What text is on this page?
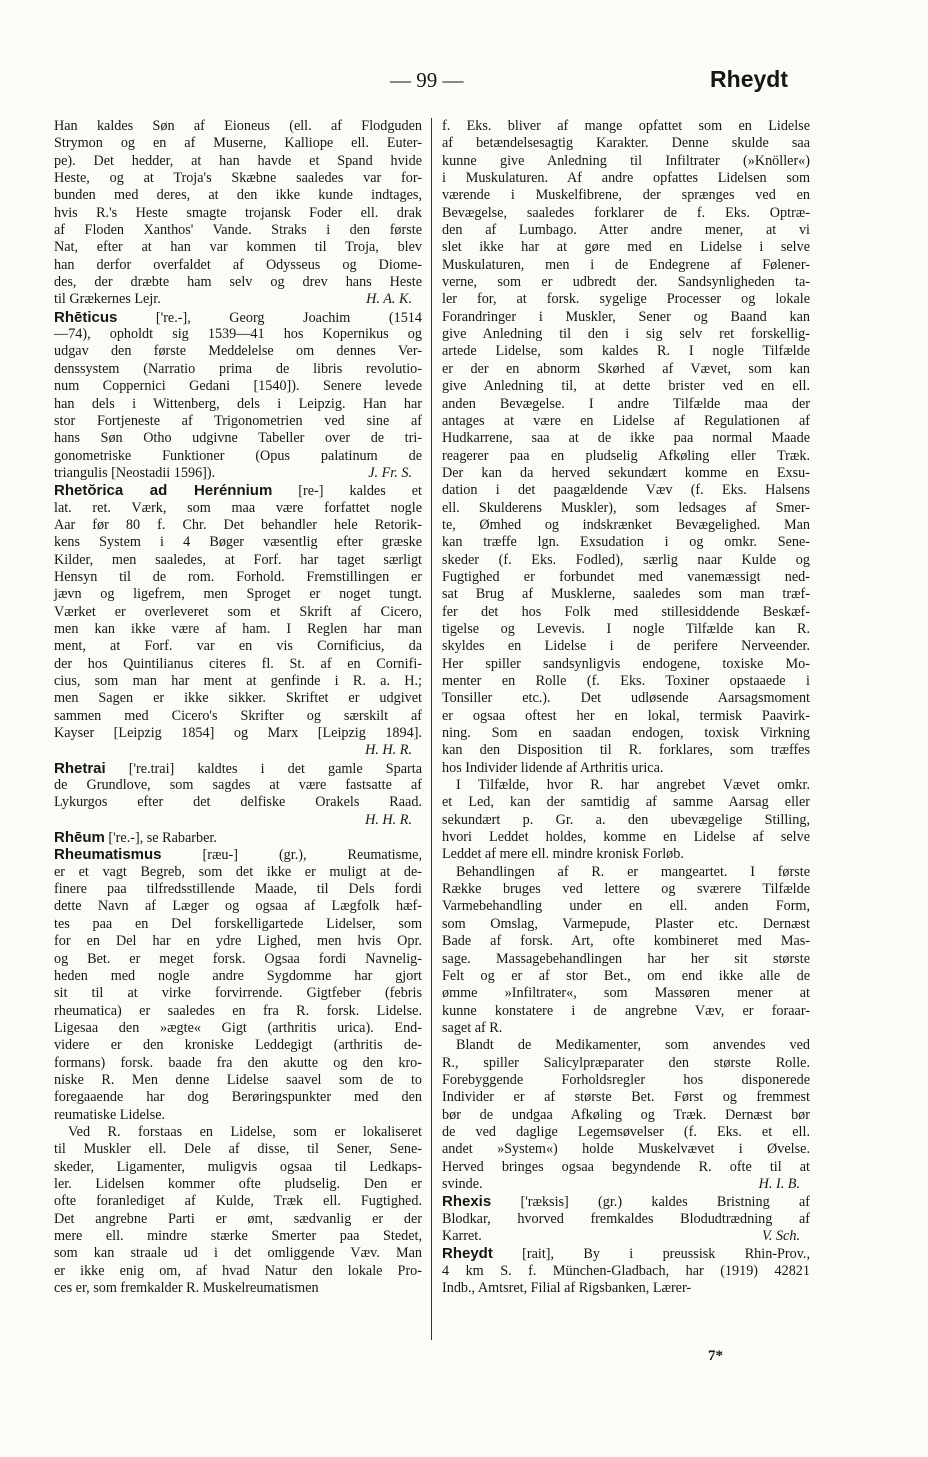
— 99 —	Rheydt
Han kaldes Søn af Eioneus (ell. af Flodguden
Strymon og en af Muserne, Kalliope ell. Euter-
pe). Det hedder, at han havde et Spand hvide
Heste, og at Troja's Skæbne saaledes var for-
bunden med deres, at den ikke kunde indtages,
hvis R.'s Heste smagte trojansk Foder ell. drak
af Floden Xanthos' Vande. Straks i den første
Nat, efter at han var kommen til Troja, blev
han derfor overfaldet af Odysseus og Diome-
des, der dræbte ham selv og drev hans Heste
til Grækernes Lejr.	H. A. K.
Rhēticus ['re.-], Georg Joachim (1514
—74), opholdt sig 1539—41 hos Kopernikus og
udgav den første Meddelelse om dennes Ver-
denssystem (Narratio prima de libris revolutio-
num Coppernici Gedani [1540]). Senere levede
han dels i Wittenberg, dels i Leipzig. Han har
stor Fortjeneste af Trigonometrien ved sine af
hans Søn Otho udgivne Tabeller over de tri-
gonometriske Funktioner (Opus palatinum de
triangulis [Neostadii 1596]).	J. Fr. S.
Rhetŏrica ad Herénnium [re-] kaldes et
lat. ret. Værk, som maa være forfattet nogle
Aar før 80 f. Chr. Det behandler hele Retorik-
kens System i 4 Bøger væsentlig efter græske
Kilder, men saaledes, at Forf. har taget særligt
Hensyn til de rom. Forhold. Fremstillingen er
jævn og ligefrem, men Sproget er noget tungt.
Værket er overleveret som et Skrift af Cicero,
men kan ikke være af ham. I Reglen har man
ment, at Forf. var en vis Cornificius, da
der hos Quintilianus citeres fl. St. af en Cornifi-
cius, som man har ment at genfinde i R. a. H.;
men Sagen er ikke sikker. Skriftet er udgivet
sammen med Cicero's Skrifter og særskilt af
Kayser [Leipzig 1854] og Marx [Leipzig 1894].
H. H. R.
Rhetrai ['re.trai] kaldtes i det gamle Sparta
de Grundlove, som sagdes at være fastsatte af
Lykurgos efter det delfiske Orakels Raad.
H. H. R.
Rhēum ['re.-], se Rabarber.
Rheumatismus [ræu-] (gr.), Reumatisme,
er et vagt Begreb, som det ikke er muligt at de-
finere paa tilfredsstillende Maade, til Dels fordi
dette Navn af Læger og ogsaa af Lægfolk hæf-
tes paa en Del forskelligartede Lidelser, som
for en Del har en ydre Lighed, men hvis Opr.
og Bet. er meget forsk. Ogsaa fordi Navnelig-
heden med nogle andre Sygdomme har gjort
sit til at virke forvirrende. Gigtfeber (febris
rheumatica) er saaledes en fra R. forsk. Lidelse.
Ligesaa den »ægte« Gigt (arthritis urica). End-
videre er den kroniske Leddegigt (arthritis de-
formans) forsk. baade fra den akutte og den kro-
niske R. Men denne Lidelse saavel som de to
foregaaende har dog Berøringspunkter med den
reumatiske Lidelse.
Ved R. forstaas en Lidelse, som er lokaliseret
til Muskler ell. Dele af disse, til Sener, Sene-
skeder, Ligamenter, muligvis ogsaa til Ledkaps-
ler. Lidelsen kommer ofte pludselig. Den er
ofte foranlediget af Kulde, Træk ell. Fugtighed.
Det angrebne Parti er ømt, sædvanlig er der
mere ell. mindre stærke Smerter paa Stedet,
som kan straale ud i det omliggende Væv. Man
er ikke enig om, af hvad Natur den lokale Pro-
ces er, som fremkalder R. Muskelreumatismen
f. Eks. bliver af mange opfattet som en Lidelse
af betændelsesagtig Karakter. Denne skulde saa
kunne give Anledning til Infiltrater (»Knöller«)
i Muskulaturen. Af andre opfattes Lidelsen som
værende i Muskelfibrene, der sprænges ved en
Bevægelse, saaledes forklarer de f. Eks. Optræ-
den af Lumbago. Atter andre mener, at vi
slet ikke har at gøre med en Lidelse i selve
Muskulaturen, men i de Endegrene af Følener-
verne, som er udbredt der. Sandsynligheden ta-
ler for, at forsk. sygelige Processer og lokale
Forandringer i Muskler, Sener og Baand kan
give Anledning til den i sig selv ret forskellig-
artede Lidelse, som kaldes R. I nogle Tilfælde
er der en abnorm Skørhed af Vævet, som kan
give Anledning til, at dette brister ved en ell.
anden Bevægelse. I andre Tilfælde maa der
antages at være en Lidelse af Regulationen af
Hudkarrene, saa at de ikke paa normal Maade
reagerer paa en pludselig Afkøling eller Træk.
Der kan da herved sekundært komme en Exsu-
dation i det paagældende Væv (f. Eks. Halsens
ell. Skulderens Muskler), som ledsages af Smer-
te, Ømhed og indskrænket Bevægelighed. Man
kan træffe lgn. Exsudation i og omkr. Sene-
skeder (f. Eks. Fodled), særlig naar Kulde og
Fugtighed er forbundet med vanemæssigt ned-
sat Brug af Musklerne, saaledes som man træf-
fer det hos Folk med stillesiddende Beskæf-
tigelse og Levevis. I nogle Tilfælde kan R.
skyldes en Lidelse i de perifere Nerveender.
Her spiller sandsynligvis endogene, toxiske Mo-
menter en Rolle (f. Eks. Toxiner opstaaede i
Tonsiller etc.). Det udløsende Aarsagsmoment
er ogsaa oftest her en lokal, termisk Paavirk-
ning. Som en saadan endogen, toxisk Virkning
kan den Disposition til R. forklares, som træffes
hos Individer lidende af Arthritis urica.
I Tilfælde, hvor R. har angrebet Vævet omkr.
et Led, kan der samtidig af samme Aarsag eller
sekundært p. Gr. a. den ubevægelige Stilling,
hvori Leddet holdes, komme en Lidelse af selve
Leddet af mere ell. mindre kronisk Forløb.
Behandlingen af R. er mangeartet. I første
Række bruges ved lettere og sværere Tilfælde
Varmebehandling under en ell. anden Form,
som Omslag, Varmepude, Plaster etc. Dernæst
Bade af forsk. Art, ofte kombineret med Mas-
sage. Massagebehandlingen har her sit største
Felt og er af stor Bet., om end ikke alle de
ømme »Infiltrater«, som Massøren mener at
kunne konstatere i de angrebne Væv, er foraar-
saget af R.
Blandt de Medikamenter, som anvendes ved
R., spiller Salicylpræparater den største Rolle.
Forebyggende Forholdsregler hos disponerede
Individer er af største Bet. Først og fremmest
bør de undgaa Afkøling og Træk. Dernæst bør
de ved daglige Legemsøvelser (f. Eks. et ell.
andet »System«) holde Muskelvævet i Øvelse.
Herved bringes ogsaa begyndende R. ofte til at
svinde.	H. I. B.
Rhexis ['ræksis] (gr.) kaldes Bristning af
Blodkar, hvorved fremkaldes Blodudtrædning af
Karret.	V. Sch.
Rheydt [rait], By i preussisk Rhin-Prov.,
4 km S. f. München-Gladbach, har (1919) 42821
Indb., Amtsret, Filial af Rigsbanken, Lærer-
7*
